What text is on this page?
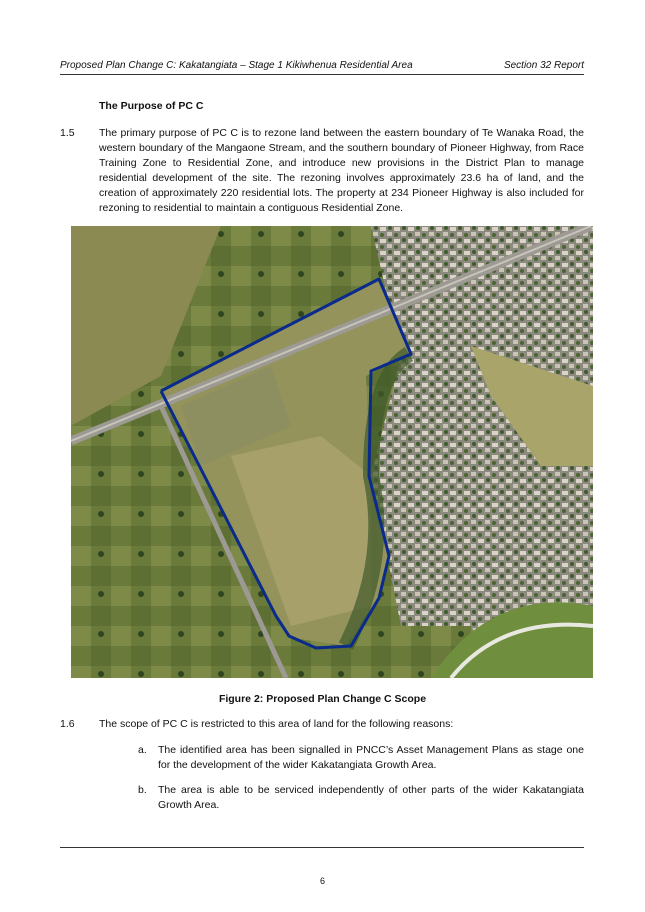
Proposed Plan Change C: Kakatangiata – Stage 1 Kikiwhenua Residential Area	Section 32 Report
The Purpose of PC C
1.5 The primary purpose of PC C is to rezone land between the eastern boundary of Te Wanaka Road, the western boundary of the Mangaone Stream, and the southern boundary of Pioneer Highway, from Race Training Zone to Residential Zone, and introduce new provisions in the District Plan to manage residential development of the site. The rezoning involves approximately 23.6 ha of land, and the creation of approximately 220 residential lots. The property at 234 Pioneer Highway is also included for rezoning to residential to maintain a contiguous Residential Zone.
Figure 2: Proposed Plan Change C Scope
1.6 The scope of PC C is restricted to this area of land for the following reasons:
a. The identified area has been signalled in PNCC’s Asset Management Plans as stage one for the development of the wider Kakatangiata Growth Area.
b. The area is able to be serviced independently of other parts of the wider Kakatangiata Growth Area.
6
